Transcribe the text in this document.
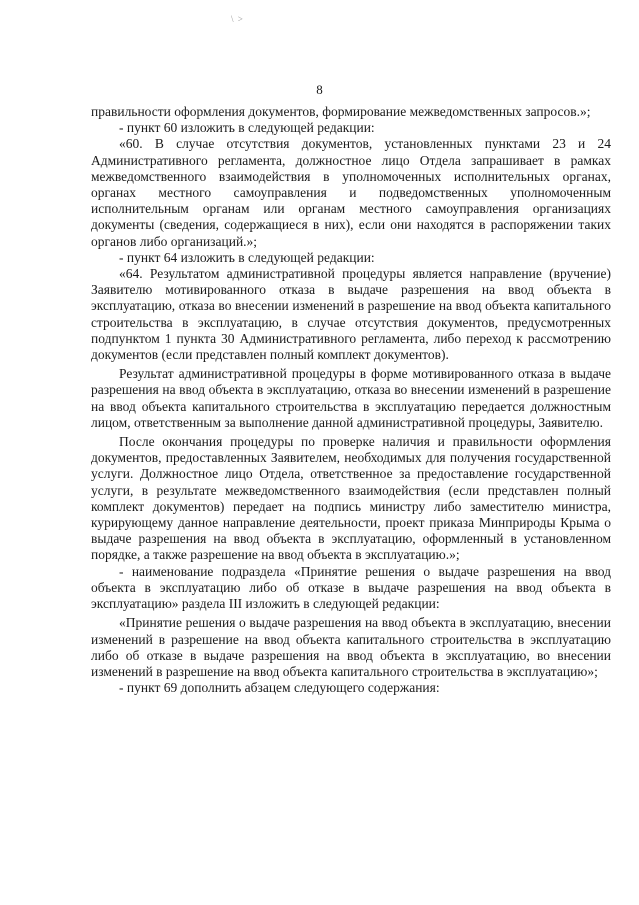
\ >
8

правильности оформления документов, формирование межведомственных запросов.»;

- пункт 60 изложить в следующей редакции:

«60. В случае отсутствия документов, установленных пунктами 23 и 24 Административного регламента, должностное лицо Отдела запрашивает в рамках межведомственного взаимодействия в уполномоченных исполнительных органах, органах местного самоуправления и подведомственных уполномоченным исполнительным органам или органам местного самоуправления организациях документы (сведения, содержащиеся в них), если они находятся в распоряжении таких органов либо организаций.»;

- пункт 64 изложить в следующей редакции:

«64. Результатом административной процедуры является направление (вручение) Заявителю мотивированного отказа в выдаче разрешения на ввод объекта в эксплуатацию, отказа во внесении изменений в разрешение на ввод объекта капитального строительства в эксплуатацию, в случае отсутствия документов, предусмотренных подпунктом 1 пункта 30 Административного регламента, либо переход к рассмотрению документов (если представлен полный комплект документов).

Результат административной процедуры в форме мотивированного отказа в выдаче разрешения на ввод объекта в эксплуатацию, отказа во внесении изменений в разрешение на ввод объекта капитального строительства в эксплуатацию передается должностным лицом, ответственным за выполнение данной административной процедуры, Заявителю.

После окончания процедуры по проверке наличия и правильности оформления документов, предоставленных Заявителем, необходимых для получения государственной услуги. Должностное лицо Отдела, ответственное за предоставление государственной услуги, в результате межведомственного взаимодействия (если представлен полный комплект документов) передает на подпись министру либо заместителю министра, курирующему данное направление деятельности, проект приказа Минприроды Крыма о выдаче разрешения на ввод объекта в эксплуатацию, оформленный в установленном порядке, а также разрешение на ввод объекта в эксплуатацию.»;

- наименование подраздела «Принятие решения о выдаче разрешения на ввод объекта в эксплуатацию либо об отказе в выдаче разрешения на ввод объекта в эксплуатацию» раздела III изложить в следующей редакции:

«Принятие решения о выдаче разрешения на ввод объекта в эксплуатацию, внесении изменений в разрешение на ввод объекта капитального строительства в эксплуатацию либо об отказе в выдаче разрешения на ввод объекта в эксплуатацию, во внесении изменений в разрешение на ввод объекта капитального строительства в эксплуатацию»;

- пункт 69 дополнить абзацем следующего содержания:
